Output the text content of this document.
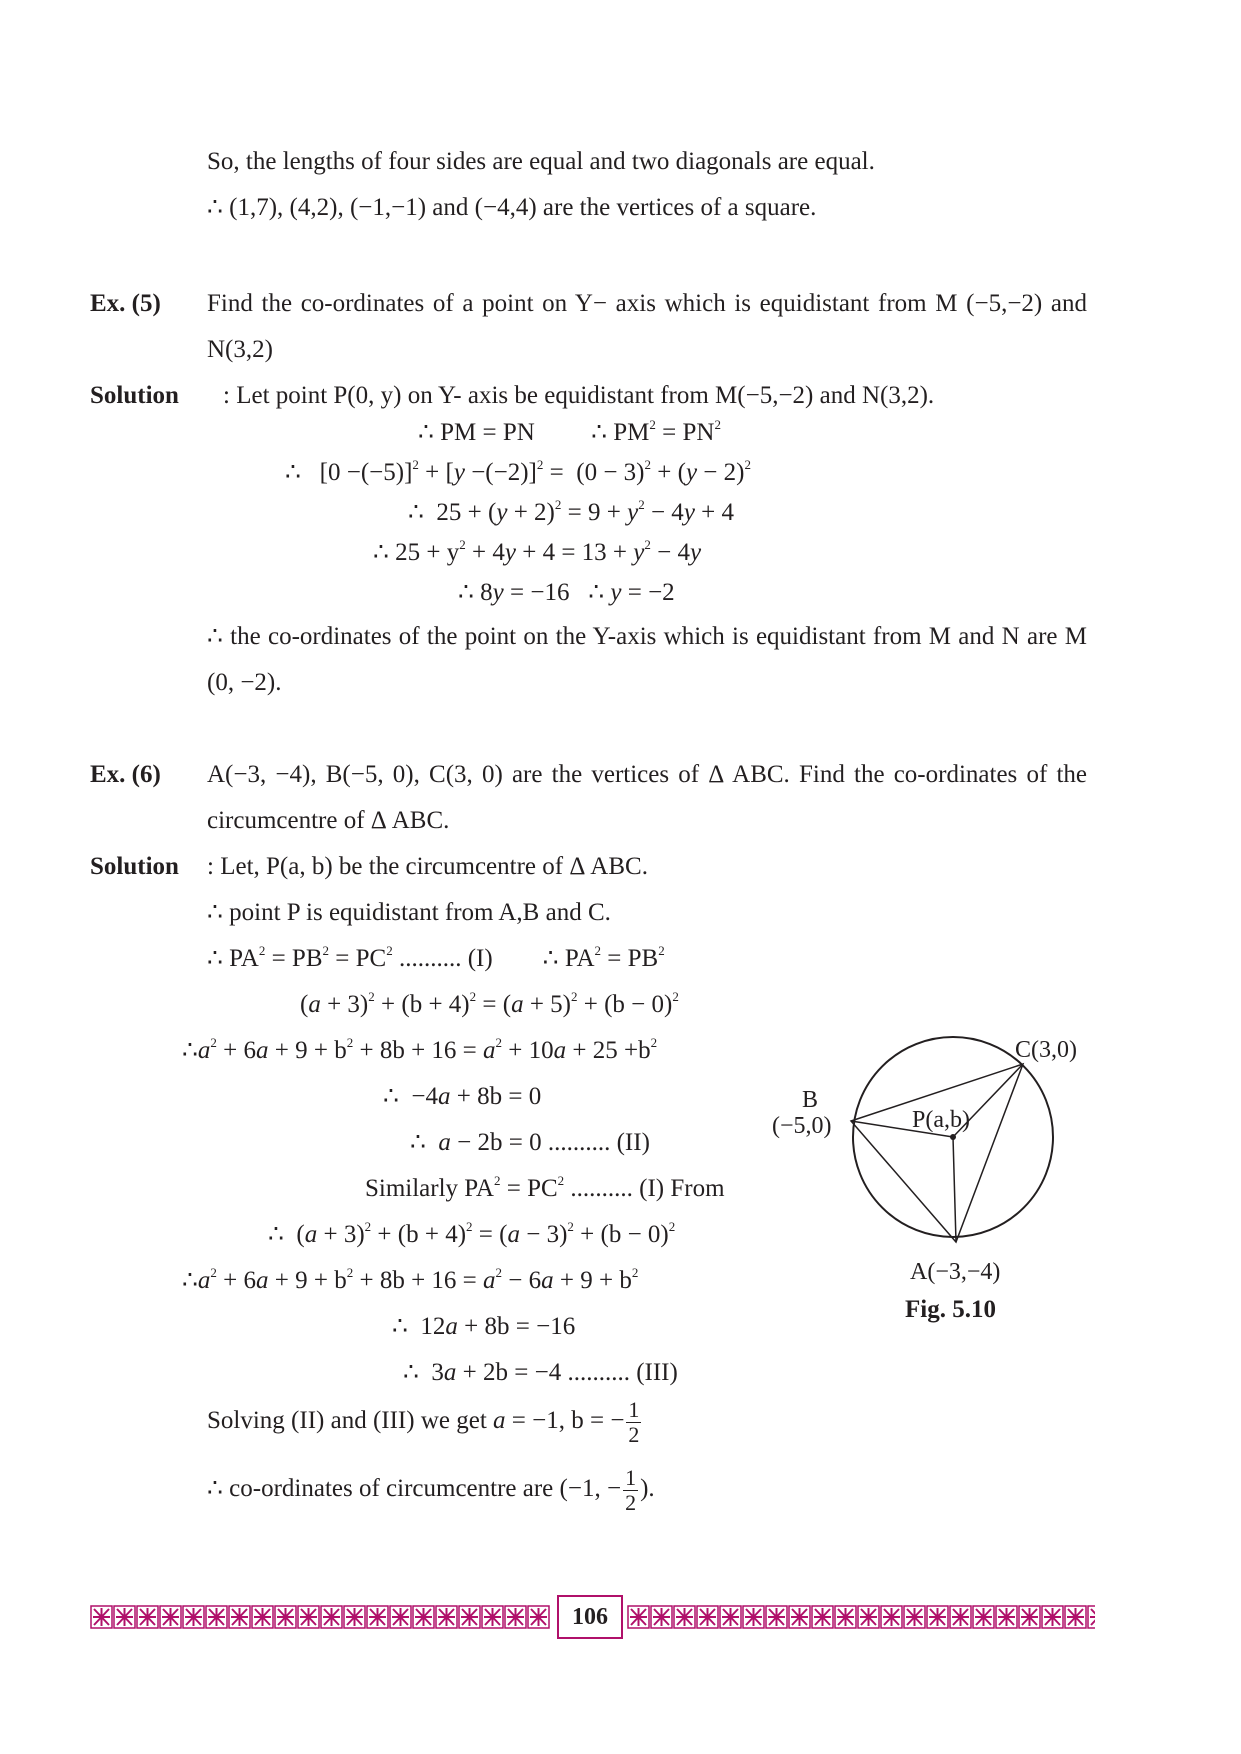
So, the lengths of four sides are equal and two diagonals are equal.
∴ (1,7), (4,2), (−1,−1) and (−4,4) are the vertices of a square.
Ex. (5) Find the co-ordinates of a point on Y− axis which is equidistant from M (−5,−2) and N(3,2)
Solution : Let point P(0, y) on Y- axis be equidistant from M(−5,−2) and N(3,2).
∴ PM = PN         ∴ $PM^2 = PN^2$
∴   $[0 -(-5)]^2 + [y -(-2)]^2 = (0 - 3)^2 + (y - 2)^2$
∴  $25 + (y + 2)^2 = 9 + y^2 - 4y + 4$
∴ $25 + y^2 + 4y + 4 = 13 + y^2 - 4y$
∴ 8y = −16   ∴ y = −2
∴ the co-ordinates of the point on the Y-axis which is equidistant from M and N are M (0, −2).
Ex. (6) A(−3, −4), B(−5, 0), C(3, 0) are the vertices of Δ ABC. Find the co-ordinates of the circumcentre of Δ ABC.
Solution : Let, P(a, b) be the circumcentre of Δ ABC.
∴ point P is equidistant from A,B and C.
∴ $PA^2 = PB^2 = PC^2$ .......... (I)        ∴ $PA^2 = PB^2$
$(a + 3)^2 + (b + 4)^2 = (a + 5)^2 + (b - 0)^2$
$\therefore a^2 + 6a + 9 + b^2 + 8b + 16 = a^2 + 10a + 25 +b^2$
∴  −4a + 8b = 0
∴  a − 2b = 0 .......... (II)
Similarly $PA^2 = PC^2$ .......... (I) From
∴  $(a + 3)^2 + (b + 4)^2 = (a - 3)^2 + (b - 0)^2$
$\therefore a^2 + 6a + 9 + b^2 + 8b + 16 = a^2 - 6a + 9 + b^2$
∴  12a + 8b = −16
∴  3a + 2b = −4 .......... (III)
Solving (II) and (III) we get a = −1, b = − $\frac{1}{2}$
∴ co-ordinates of circumcentre are (−1, − $\frac{1}{2}$ ).
C(3,0)
B
(−5,0)	P(a,b)
A(−3,−4)
Fig. 5.10
106
